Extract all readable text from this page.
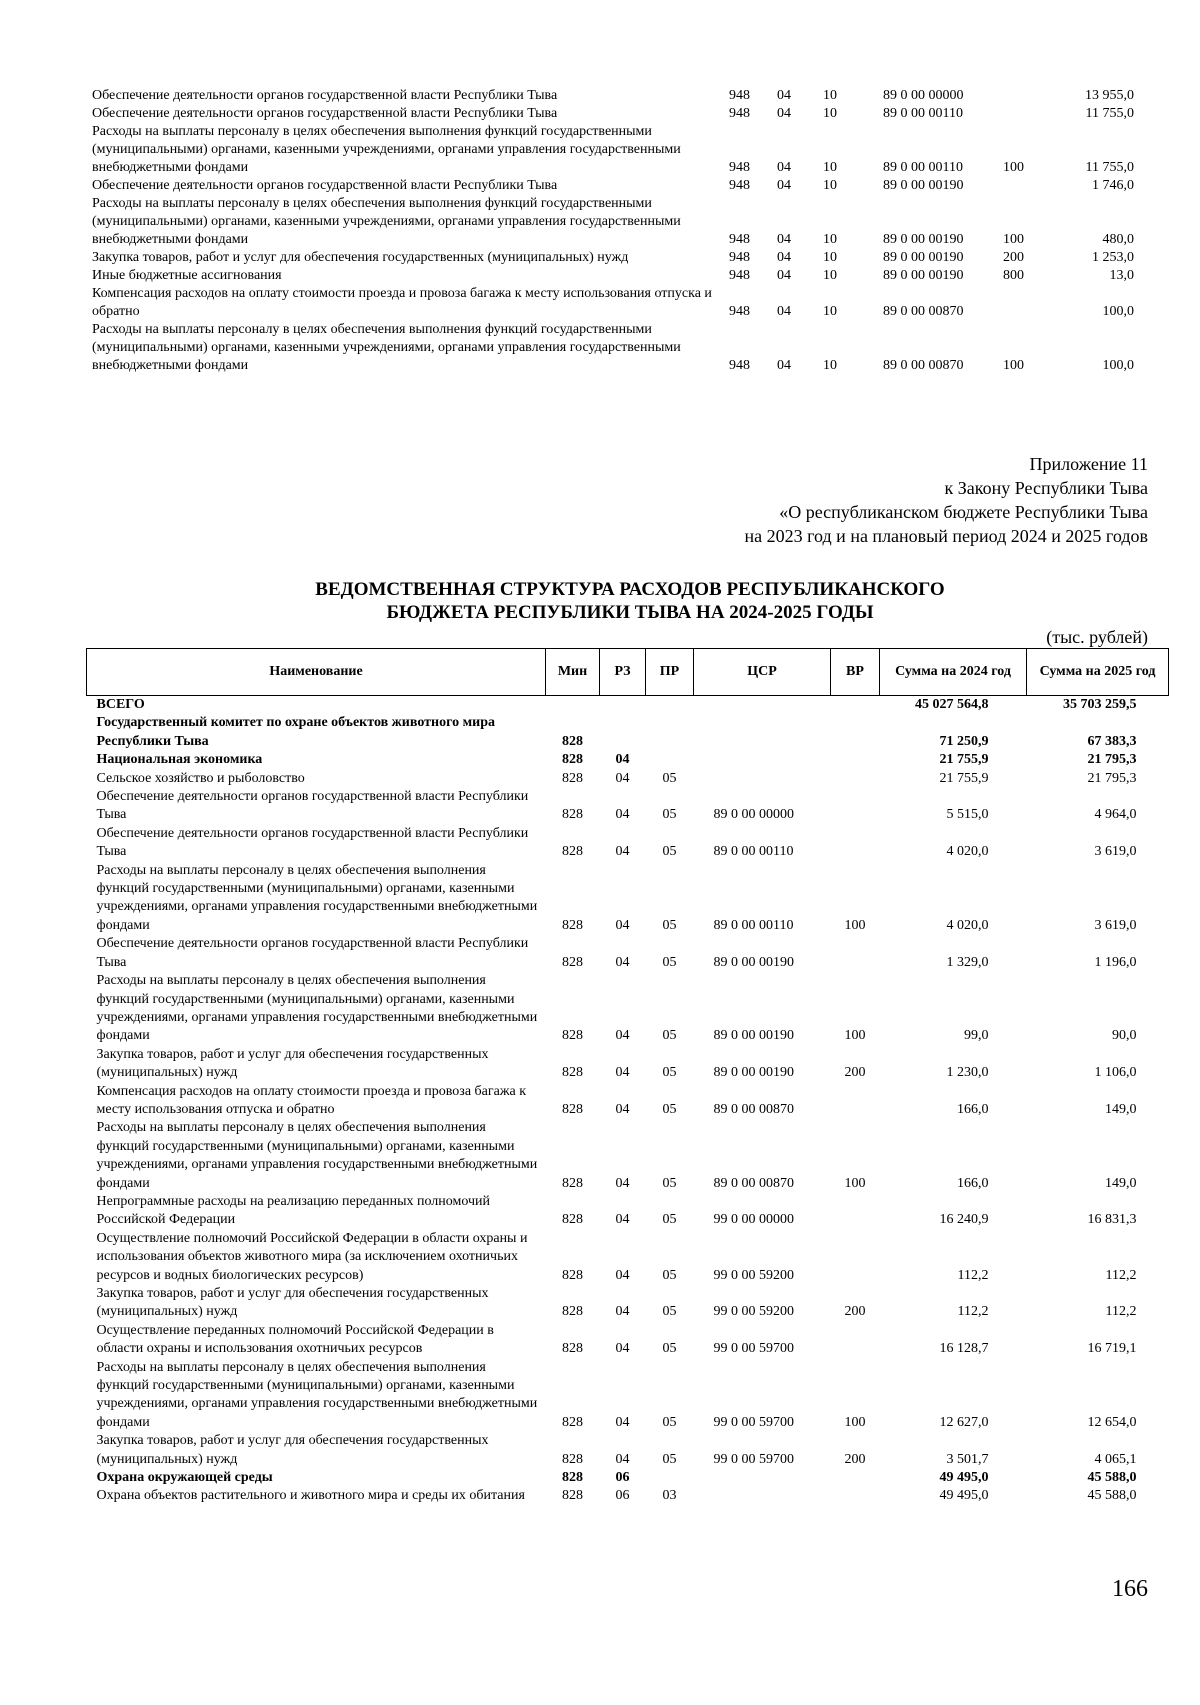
Обеспечение деятельности органов государственной власти Республики Тыва	948	04	10	89 0 00 00000		13 955,0
Обеспечение деятельности органов государственной власти Республики Тыва	948	04	10	89 0 00 00110		11 755,0
Расходы на выплаты персоналу в целях обеспечения выполнения функций государственными (муниципальными) органами, казенными учреждениями, органами управления государственными внебюджетными фондами	948	04	10	89 0 00 00110	100	11 755,0
Обеспечение деятельности органов государственной власти Республики Тыва	948	04	10	89 0 00 00190		1 746,0
Расходы на выплаты персоналу в целях обеспечения выполнения функций государственными (муниципальными) органами, казенными учреждениями, органами управления государственными внебюджетными фондами	948	04	10	89 0 00 00190	100	480,0
Закупка товаров, работ и услуг для обеспечения государственных (муниципальных) нужд	948	04	10	89 0 00 00190	200	1 253,0
Иные бюджетные ассигнования	948	04	10	89 0 00 00190	800	13,0
Компенсация расходов на оплату стоимости проезда и провоза багажа к месту использования отпуска и обратно	948	04	10	89 0 00 00870		100,0
Расходы на выплаты персоналу в целях обеспечения выполнения функций государственными (муниципальными) органами, казенными учреждениями, органами управления государственными внебюджетными фондами	948	04	10	89 0 00 00870	100	100,0
Приложение 11
к Закону Республики Тыва
«О республиканском бюджете Республики Тыва
на 2023 год и на плановый период 2024 и 2025 годов
ВЕДОМСТВЕННАЯ СТРУКТУРА РАСХОДОВ РЕСПУБЛИКАНСКОГО
БЮДЖЕТА РЕСПУБЛИКИ ТЫВА НА 2024-2025 ГОДЫ
(тыс. рублей)
Наименование	Мин	РЗ	ПР	ЦСР	ВР	Сумма на 2024 год	Сумма на 2025 год
ВСЕГО						45 027 564,8	35 703 259,5
Государственный комитет по охране объектов животного мира Республики Тыва	828					71 250,9	67 383,3
Национальная экономика	828	04				21 755,9	21 795,3
Сельское хозяйство и рыболовство	828	04	05			21 755,9	21 795,3
Обеспечение деятельности органов государственной власти Республики Тыва	828	04	05	89 0 00 00000		5 515,0	4 964,0
Обеспечение деятельности органов государственной власти Республики Тыва	828	04	05	89 0 00 00110		4 020,0	3 619,0
Расходы на выплаты персоналу в целях обеспечения выполнения функций государственными (муниципальными) органами, казенными учреждениями, органами управления государственными внебюджетными фондами	828	04	05	89 0 00 00110	100	4 020,0	3 619,0
Обеспечение деятельности органов государственной власти Республики Тыва	828	04	05	89 0 00 00190		1 329,0	1 196,0
Расходы на выплаты персоналу в целях обеспечения выполнения функций государственными (муниципальными) органами, казенными учреждениями, органами управления государственными внебюджетными фондами	828	04	05	89 0 00 00190	100	99,0	90,0
Закупка товаров, работ и услуг для обеспечения государственных (муниципальных) нужд	828	04	05	89 0 00 00190	200	1 230,0	1 106,0
Компенсация расходов на оплату стоимости проезда и провоза багажа к месту использования отпуска и обратно	828	04	05	89 0 00 00870		166,0	149,0
Расходы на выплаты персоналу в целях обеспечения выполнения функций государственными (муниципальными) органами, казенными учреждениями, органами управления государственными внебюджетными фондами	828	04	05	89 0 00 00870	100	166,0	149,0
Непрограммные расходы на реализацию переданных полномочий Российской Федерации	828	04	05	99 0 00 00000		16 240,9	16 831,3
Осуществление полномочий Российской Федерации в области охраны и использования объектов животного мира (за исключением охотничьих ресурсов и водных биологических ресурсов)	828	04	05	99 0 00 59200		112,2	112,2
Закупка товаров, работ и услуг для обеспечения государственных (муниципальных) нужд	828	04	05	99 0 00 59200	200	112,2	112,2
Осуществление переданных полномочий Российской Федерации в области охраны и использования охотничьих ресурсов	828	04	05	99 0 00 59700		16 128,7	16 719,1
Расходы на выплаты персоналу в целях обеспечения выполнения функций государственными (муниципальными) органами, казенными учреждениями, органами управления государственными внебюджетными фондами	828	04	05	99 0 00 59700	100	12 627,0	12 654,0
Закупка товаров, работ и услуг для обеспечения государственных (муниципальных) нужд	828	04	05	99 0 00 59700	200	3 501,7	4 065,1
Охрана окружающей среды	828	06				49 495,0	45 588,0
Охрана объектов растительного и животного мира и среды их обитания	828	06	03			49 495,0	45 588,0
166
